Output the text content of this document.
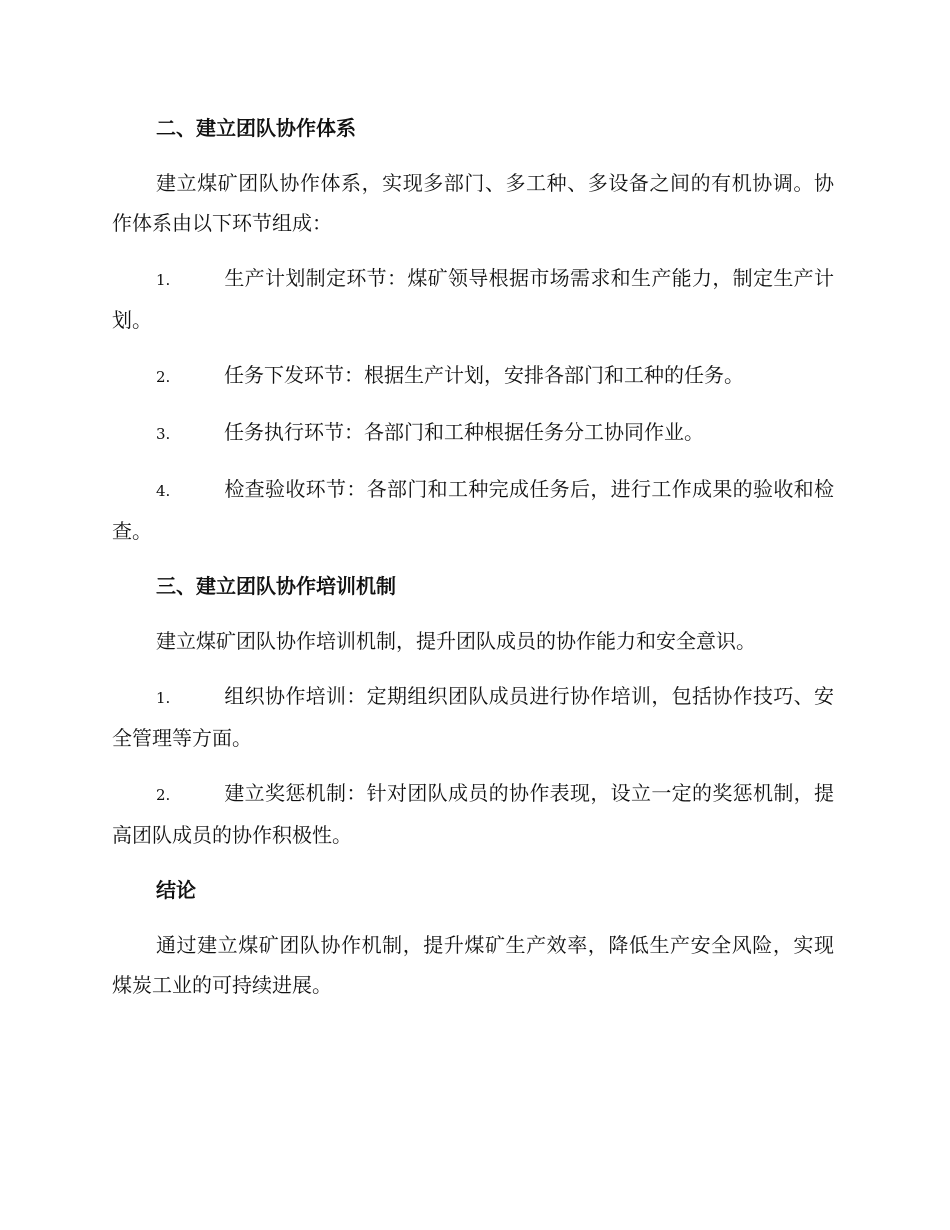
二、建立团队协作体系
建立煤矿团队协作体系，实现多部门、多工种、多设备之间的有机协调。协作体系由以下环节组成：
1.	生产计划制定环节：煤矿领导根据市场需求和生产能力，制定生产计划。
2.	任务下发环节：根据生产计划，安排各部门和工种的任务。
3.	任务执行环节：各部门和工种根据任务分工协同作业。
4.	检查验收环节：各部门和工种完成任务后，进行工作成果的验收和检查。
三、建立团队协作培训机制
建立煤矿团队协作培训机制，提升团队成员的协作能力和安全意识。
1.	组织协作培训：定期组织团队成员进行协作培训，包括协作技巧、安全管理等方面。
2.	建立奖惩机制：针对团队成员的协作表现，设立一定的奖惩机制，提高团队成员的协作积极性。
结论
通过建立煤矿团队协作机制，提升煤矿生产效率，降低生产安全风险，实现煤炭工业的可持续进展。
